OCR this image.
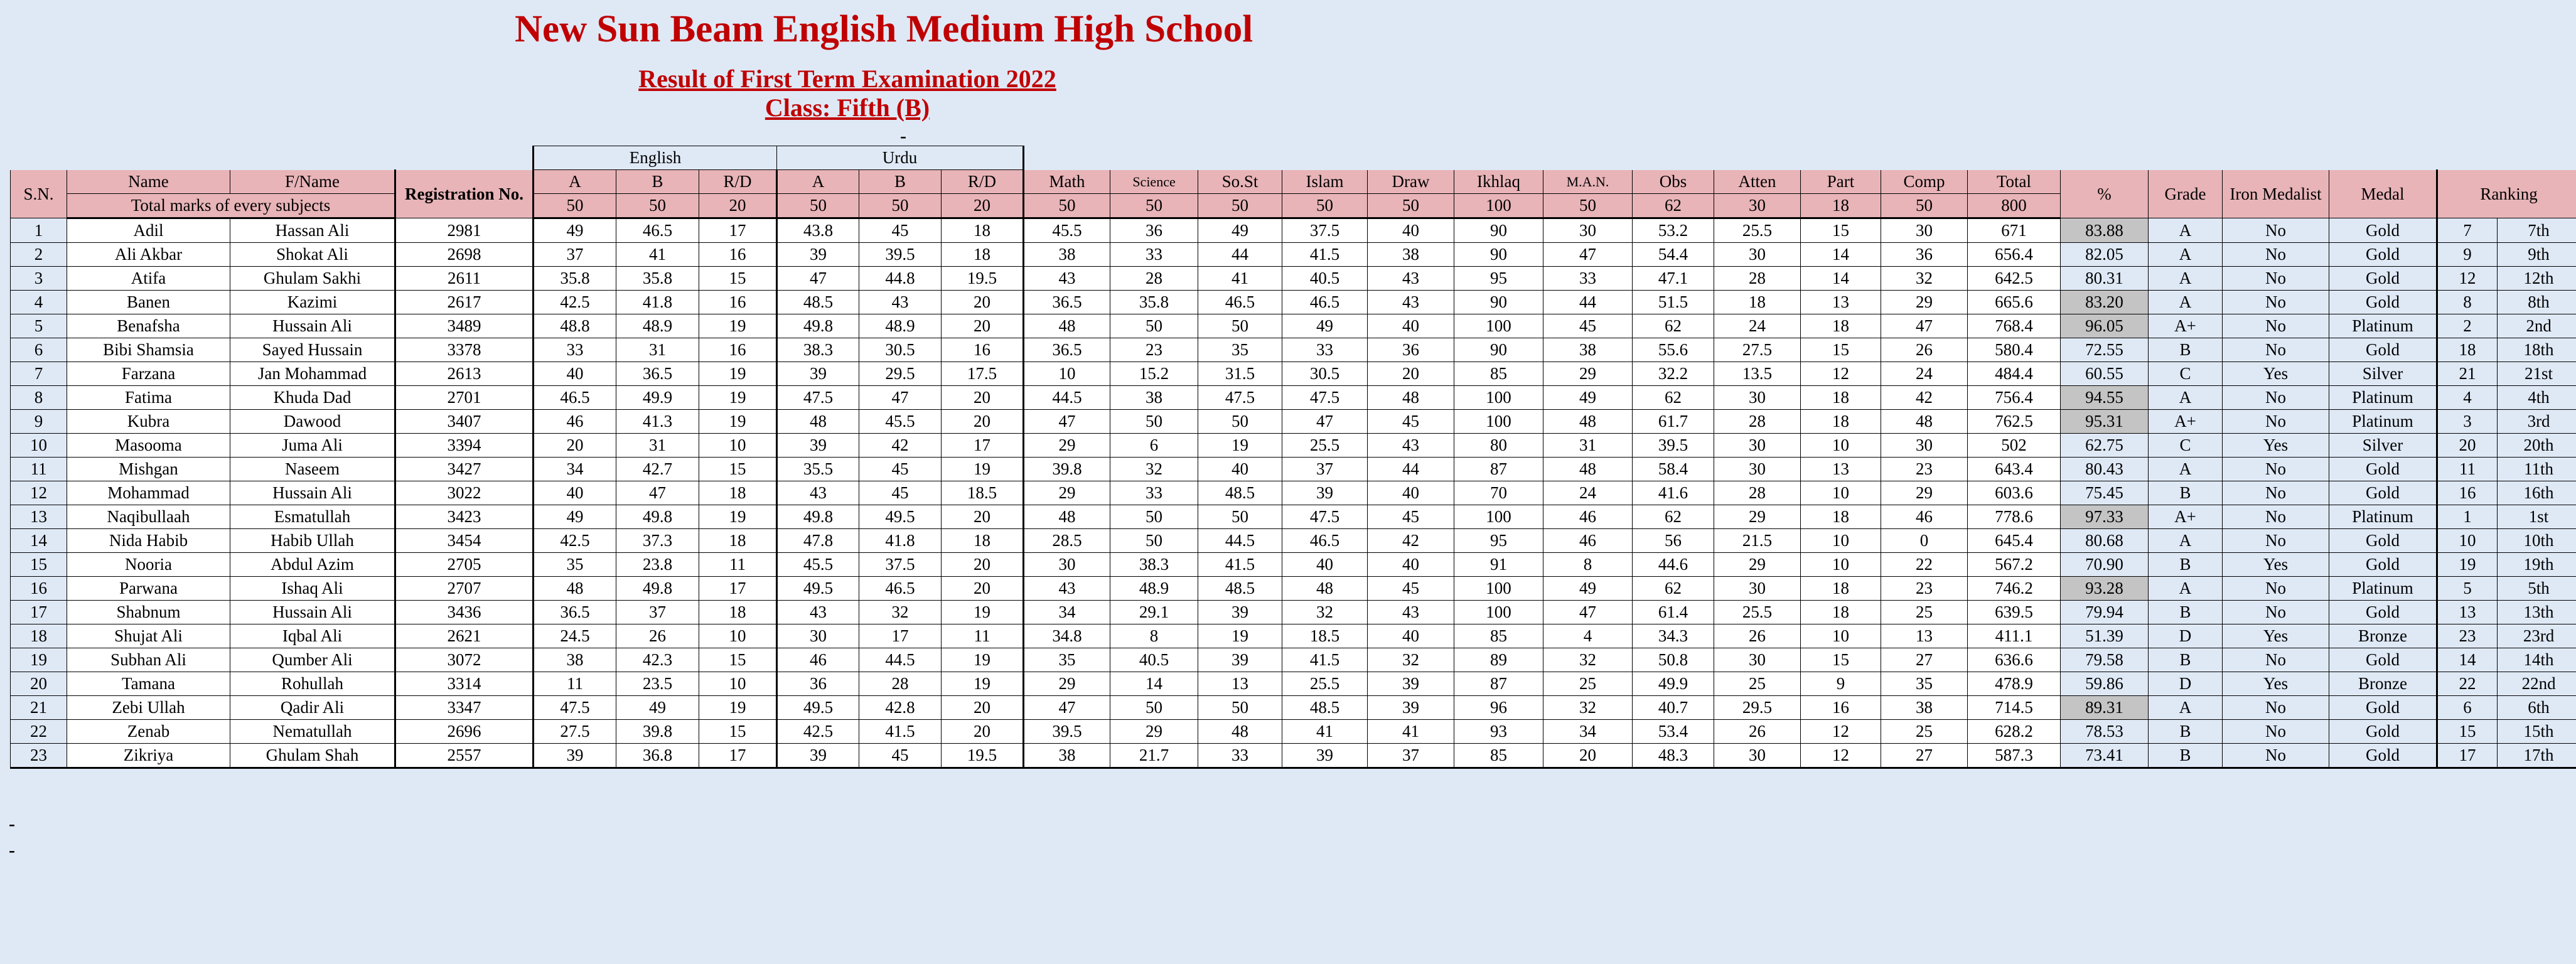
New Sun Beam English Medium High School
Result of First Term Examination 2022
Class: Fifth (B)
-
-
-
				English			Urdu																				
S.N.	Name	F/Name	Registration No.	A	B	R/D	A	B	R/D	Math	Science	So.St	Islam	Draw	Ikhlaq	M.A.N.	Obs	Atten	Part	Comp	Total	%	Grade	Iron Medalist	Medal	Ranking	
	Total marks of every subjects			50	50	20	50	50	20	50	50	50	50	50	100	50	62	30	18	50	800						
1	Adil	Hassan Ali	2981	49	46.5	17	43.8	45	18	45.5	36	49	37.5	40	90	30	53.2	25.5	15	30	671	83.88	A	No	Gold	7	7th
2	Ali Akbar	Shokat Ali	2698	37	41	16	39	39.5	18	38	33	44	41.5	38	90	47	54.4	30	14	36	656.4	82.05	A	No	Gold	9	9th
3	Atifa	Ghulam Sakhi	2611	35.8	35.8	15	47	44.8	19.5	43	28	41	40.5	43	95	33	47.1	28	14	32	642.5	80.31	A	No	Gold	12	12th
4	Banen	Kazimi	2617	42.5	41.8	16	48.5	43	20	36.5	35.8	46.5	46.5	43	90	44	51.5	18	13	29	665.6	83.20	A	No	Gold	8	8th
5	Benafsha	Hussain Ali	3489	48.8	48.9	19	49.8	48.9	20	48	50	50	49	40	100	45	62	24	18	47	768.4	96.05	A+	No	Platinum	2	2nd
6	Bibi Shamsia	Sayed Hussain	3378	33	31	16	38.3	30.5	16	36.5	23	35	33	36	90	38	55.6	27.5	15	26	580.4	72.55	B	No	Gold	18	18th
7	Farzana	Jan Mohammad	2613	40	36.5	19	39	29.5	17.5	10	15.2	31.5	30.5	20	85	29	32.2	13.5	12	24	484.4	60.55	C	Yes	Silver	21	21st
8	Fatima	Khuda Dad	2701	46.5	49.9	19	47.5	47	20	44.5	38	47.5	47.5	48	100	49	62	30	18	42	756.4	94.55	A	No	Platinum	4	4th
9	Kubra	Dawood	3407	46	41.3	19	48	45.5	20	47	50	50	47	45	100	48	61.7	28	18	48	762.5	95.31	A+	No	Platinum	3	3rd
10	Masooma	Juma Ali	3394	20	31	10	39	42	17	29	6	19	25.5	43	80	31	39.5	30	10	30	502	62.75	C	Yes	Silver	20	20th
11	Mishgan	Naseem	3427	34	42.7	15	35.5	45	19	39.8	32	40	37	44	87	48	58.4	30	13	23	643.4	80.43	A	No	Gold	11	11th
12	Mohammad	Hussain Ali	3022	40	47	18	43	45	18.5	29	33	48.5	39	40	70	24	41.6	28	10	29	603.6	75.45	B	No	Gold	16	16th
13	Naqibullaah	Esmatullah	3423	49	49.8	19	49.8	49.5	20	48	50	50	47.5	45	100	46	62	29	18	46	778.6	97.33	A+	No	Platinum	1	1st
14	Nida Habib	Habib Ullah	3454	42.5	37.3	18	47.8	41.8	18	28.5	50	44.5	46.5	42	95	46	56	21.5	10	0	645.4	80.68	A	No	Gold	10	10th
15	Nooria	Abdul Azim	2705	35	23.8	11	45.5	37.5	20	30	38.3	41.5	40	40	91	8	44.6	29	10	22	567.2	70.90	B	Yes	Gold	19	19th
16	Parwana	Ishaq Ali	2707	48	49.8	17	49.5	46.5	20	43	48.9	48.5	48	45	100	49	62	30	18	23	746.2	93.28	A	No	Platinum	5	5th
17	Shabnum	Hussain Ali	3436	36.5	37	18	43	32	19	34	29.1	39	32	43	100	47	61.4	25.5	18	25	639.5	79.94	B	No	Gold	13	13th
18	Shujat Ali	Iqbal Ali	2621	24.5	26	10	30	17	11	34.8	8	19	18.5	40	85	4	34.3	26	10	13	411.1	51.39	D	Yes	Bronze	23	23rd
19	Subhan Ali	Qumber Ali	3072	38	42.3	15	46	44.5	19	35	40.5	39	41.5	32	89	32	50.8	30	15	27	636.6	79.58	B	No	Gold	14	14th
20	Tamana	Rohullah	3314	11	23.5	10	36	28	19	29	14	13	25.5	39	87	25	49.9	25	9	35	478.9	59.86	D	Yes	Bronze	22	22nd
21	Zebi Ullah	Qadir Ali	3347	47.5	49	19	49.5	42.8	20	47	50	50	48.5	39	96	32	40.7	29.5	16	38	714.5	89.31	A	No	Gold	6	6th
22	Zenab	Nematullah	2696	27.5	39.8	15	42.5	41.5	20	39.5	29	48	41	41	93	34	53.4	26	12	25	628.2	78.53	B	No	Gold	15	15th
23	Zikriya	Ghulam Shah	2557	39	36.8	17	39	45	19.5	38	21.7	33	39	37	85	20	48.3	30	12	27	587.3	73.41	B	No	Gold	17	17th
